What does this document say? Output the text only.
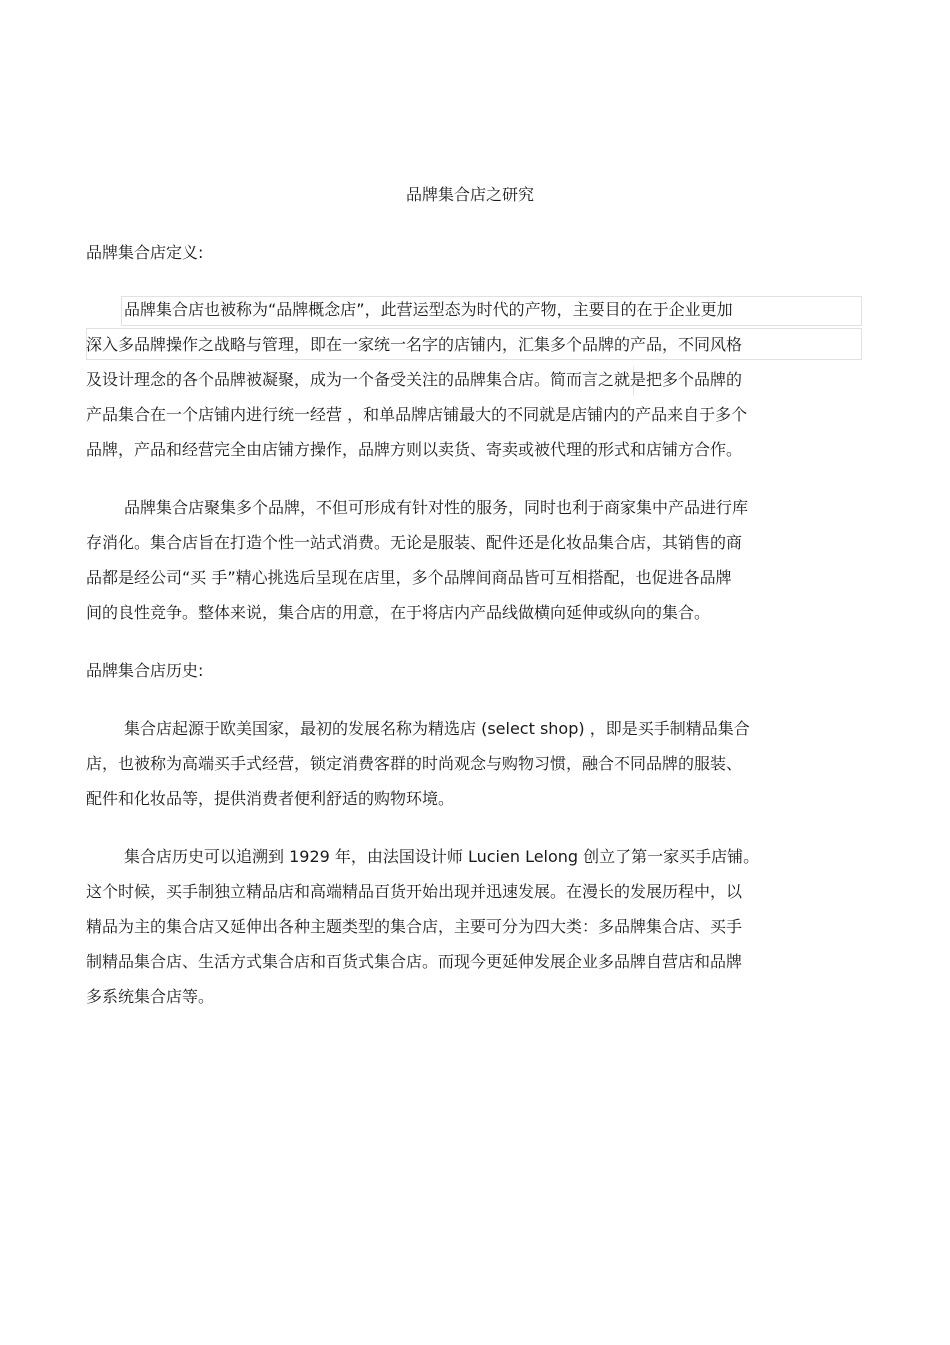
品牌集合店之研究
品牌集合店定义:
品牌集合店也被称为“品牌概念店”，此营运型态为时代的产物，主要目的在于企业更加
深入多品牌操作之战略与管理，即在一家统一名字的店铺内，汇集多个品牌的产品，不同风格
及设计理念的各个品牌被凝聚，成为一个备受关注的品牌集合店。简而言之就是把多个品牌的
产品集合在一个店铺内进行统一经营 ，和单品牌店铺最大的不同就是店铺内的产品来自于多个
品牌，产品和经营完全由店铺方操作，品牌方则以卖货、寄卖或被代理的形式和店铺方合作。
品牌集合店聚集多个品牌，不但可形成有针对性的服务，同时也利于商家集中产品进行库
存消化。集合店旨在打造个性一站式消费。无论是服装、配件还是化妆品集合店，其销售的商
品都是经公司“买 手”精心挑选后呈现在店里，多个品牌间商品皆可互相搭配，也促进各品牌
间的良性竞争。整体来说，集合店的用意，在于将店内产品线做横向延伸或纵向的集合。
品牌集合店历史:
集合店起源于欧美国家，最初的发展名称为精选店 (select shop) ，即是买手制精品集合
店，也被称为高端买手式经营，锁定消费客群的时尚观念与购物习惯，融合不同品牌的服装、
配件和化妆品等，提供消费者便利舒适的购物环境。
集合店历史可以追溯到 1929 年，由法国设计师 Lucien Lelong 创立了第一家买手店铺。
这个时候，买手制独立精品店和高端精品百货开始出现并迅速发展。在漫长的发展历程中，以
精品为主的集合店又延伸出各种主题类型的集合店，主要可分为四大类：多品牌集合店、买手
制精品集合店、生活方式集合店和百货式集合店。而现今更延伸发展企业多品牌自营店和品牌
多系统集合店等。
